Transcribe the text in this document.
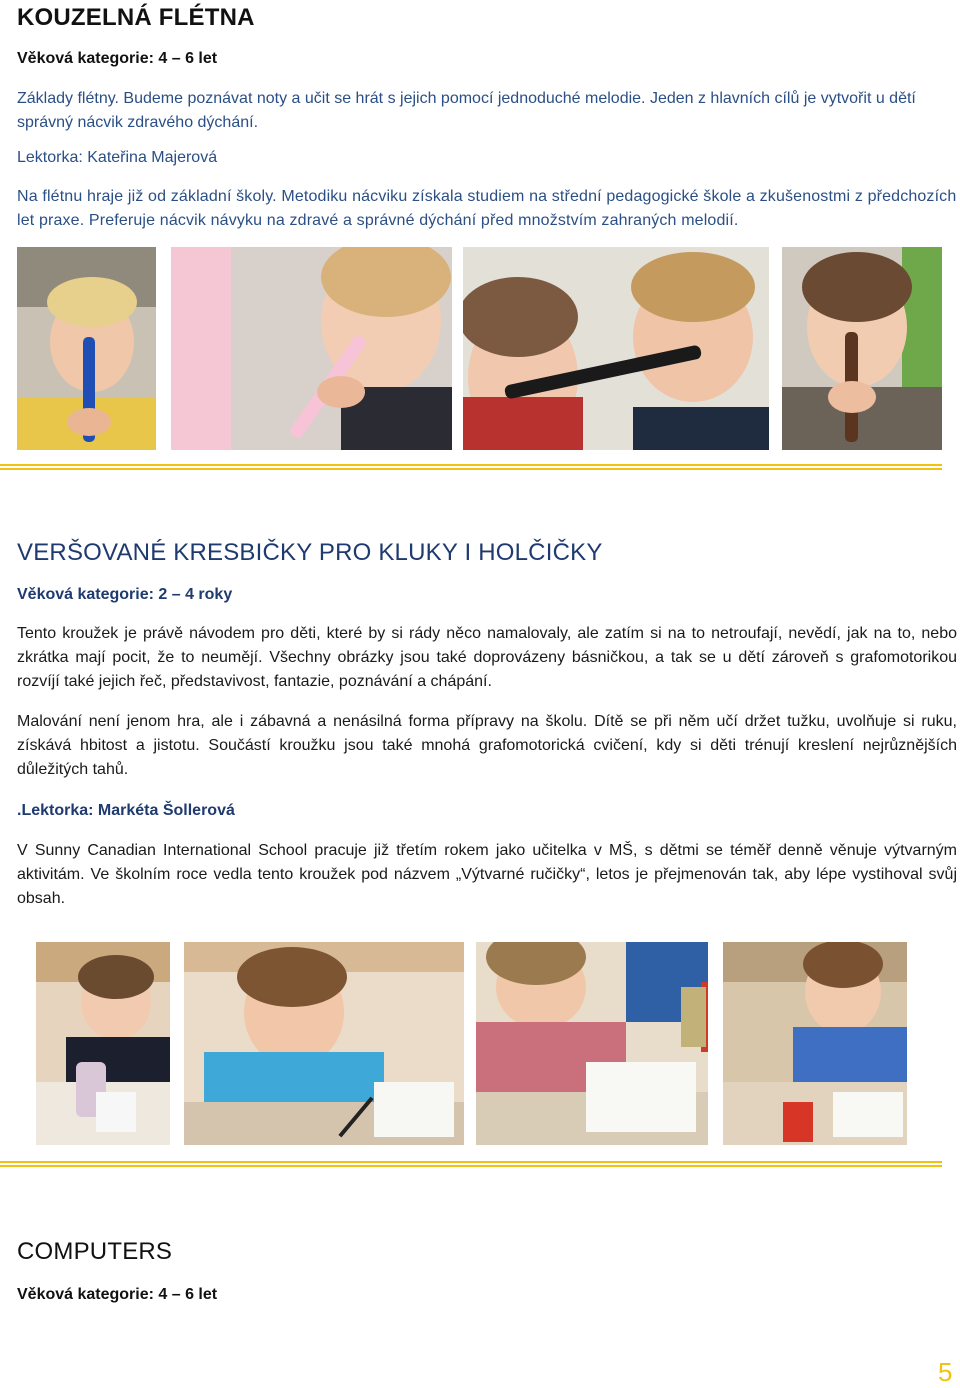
KOUZELNÁ FLÉTNA
Věková kategorie: 4 – 6 let

Základy flétny. Budeme poznávat noty a učit se hrát s jejich pomocí jednoduché melodie. Jeden z hlavních cílů je vytvořit u dětí správný nácvik zdravého dýchání.

Lektorka: Kateřina Majerová

Na flétnu hraje již od základní školy. Metodiku nácviku získala studiem na střední pedagogické škole a zkušenostmi z předchozích let praxe. Preferuje nácvik návyku na zdravé a správné dýchání před množstvím zahraných melodií.

VERŠOVANÉ KRESBIČKY PRO KLUKY I HOLČIČKY
Věková kategorie: 2 – 4 roky

Tento kroužek je právě návodem pro děti, které by si rády něco namalovaly, ale zatím si na to netroufají, nevědí, jak na to, nebo zkrátka mají pocit, že to neumějí. Všechny obrázky jsou také doprovázeny básničkou, a tak se u dětí zároveň s grafomotorikou rozvíjí také jejich řeč, představivost, fantazie, poznávání a chápání.

Malování není jenom hra, ale i zábavná a nenásilná forma přípravy na školu. Dítě se při něm učí držet tužku, uvolňuje si ruku, získává hbitost a jistotu. Součástí kroužku jsou také mnohá grafomotorická cvičení, kdy si děti trénují kreslení nejrůznějších důležitých tahů.

.Lektorka: Markéta Šollerová

V Sunny Canadian International School pracuje již třetím rokem jako učitelka v MŠ, s dětmi se téměř denně věnuje výtvarným aktivitám. Ve školním roce vedla tento kroužek pod názvem „Výtvarné ručičky“, letos je přejmenován tak, aby lépe vystihoval svůj obsah.

COMPUTERS
Věková kategorie: 4 – 6 let
5
